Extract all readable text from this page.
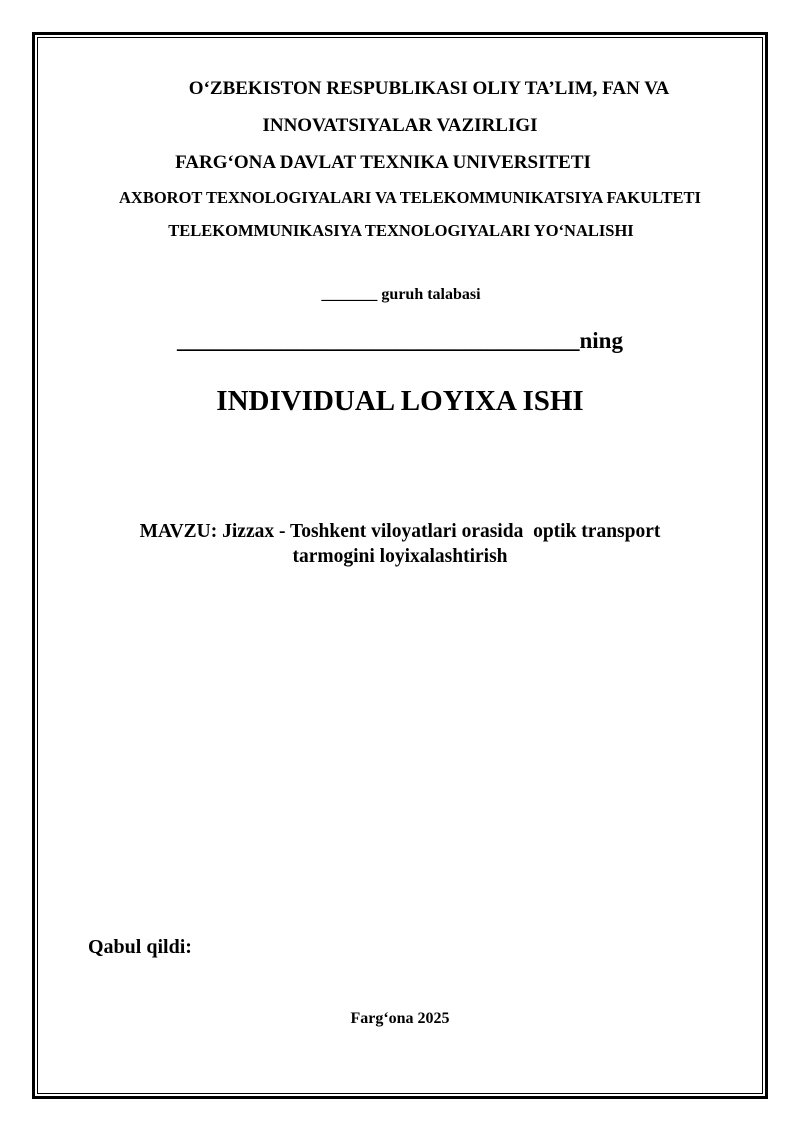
O‘ZBEKISTON RESPUBLIKASI OLIY TA’LIM, FAN VA
INNOVATSIYALAR VAZIRLIGI
FARG‘ONA DAVLAT TEXNIKA UNIVERSITETI
AXBOROT TEXNOLOGIYALARI VA TELEKOMMUNIKATSIYA FAKULTETI
TELEKOMMUNIKASIYA TEXNOLOGIYALARI YO‘NALISHI
_______ guruh talabasi
___________________________________ning
INDIVIDUAL LOYIXA ISHI
MAVZU: Jizzax - Toshkent viloyatlari orasida  optik transport
tarmogini loyixalashtirish
Qabul qildi:
Farg‘ona 2025
